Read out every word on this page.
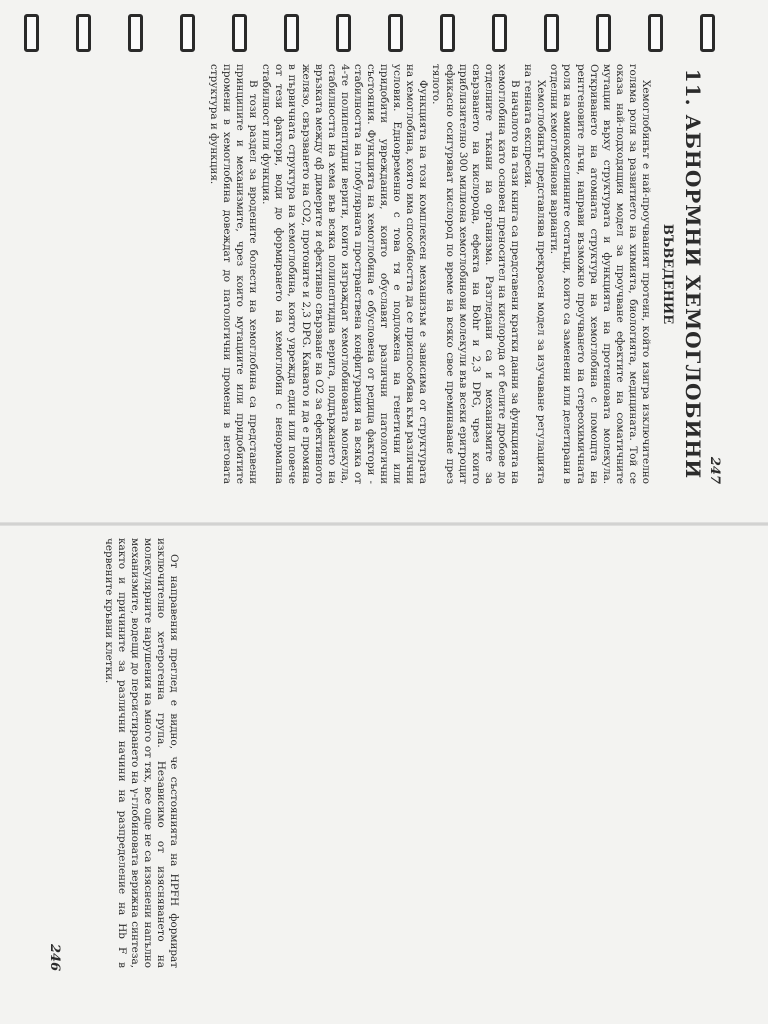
247
11. АБНОРМНИ ХЕМОГЛОБИНИ
ВЪВЕДЕНИЕ

Хемоглобинът е най-проучваният протеин, който изигра изключително голяма роля за развитието на химията, биологията, медицината. Той се оказа най-подходящия модел за проучване ефектите на соматичните мутации върху структурата и функцията на протеиновата молекула. Откриването на атомната структура на хемоглобина с помощта на рентгеновите лъчи, направи възможно проучването на стереохимичната роля на аминокиселинните остатъци, които са заменени или делетирани в отделни хемоглобинови варианти.

Хемоглобинът представлява прекрасен модел за изучаване регулацията на генната експресия.

В началото на тази книга са представени кратки данни за функцията на хемоглобина като основен преносител на кислорода от белите дробове до отделните тъкани на организма. Разгледани са и механизмите за свързването на кислорода, ефекта на Bohr и 2,3 DPG, чрез които приблизително 300 милиона хемоглобинови молекули във всеки еритроцит ефикасно осигуряват кислород по време на всяко свое преминаване през тялото.

Функцията на този комплексен механизъм е зависима от структурата на хемоглобина, която има способността да се приспособява към различни условия. Едновременно с това тя е подложена на генетични или придобити увреждания, които обуславят различни патологични състояния. Функцията на хемоглобина е обусловена от редица фактори - стабилността на глобулярната пространствена конфигурация на всяка от 4-те полипептидни вериги, които изграждат хемоглобиновата молекула, стабилността на хема във всяка полипептидна верига, поддържането на връзката между αβ димерите и ефективно свързване на O2 за ефективното желязо, свързването на CO2, протоните и 2,3 DPG. Каквато и да е промяна в първичната структура на хемоглобина, която уврежда един или повече от тези фактори, води до формирането на хемоглобин с ненормална стабилност или функция.

В този раздел за вродените болести на хемоглобина са представени принципите и механизмите, чрез които мутациите или придобитите промени в хемоглобина довеждат до патологични промени в неговата структура и функция.

От направения преглед е видно, че състоянията на HPFH формират изключително хетерогенна група. Независимо от изясняването на молекулярните нарушения на много от тях, все още не са изяснени напълно механизмите, водещи до персистирането на γ-глобиновата верижна синтеза, както и причините за различни начини на разпределение на Hb F в червените кръвни клетки.

246
